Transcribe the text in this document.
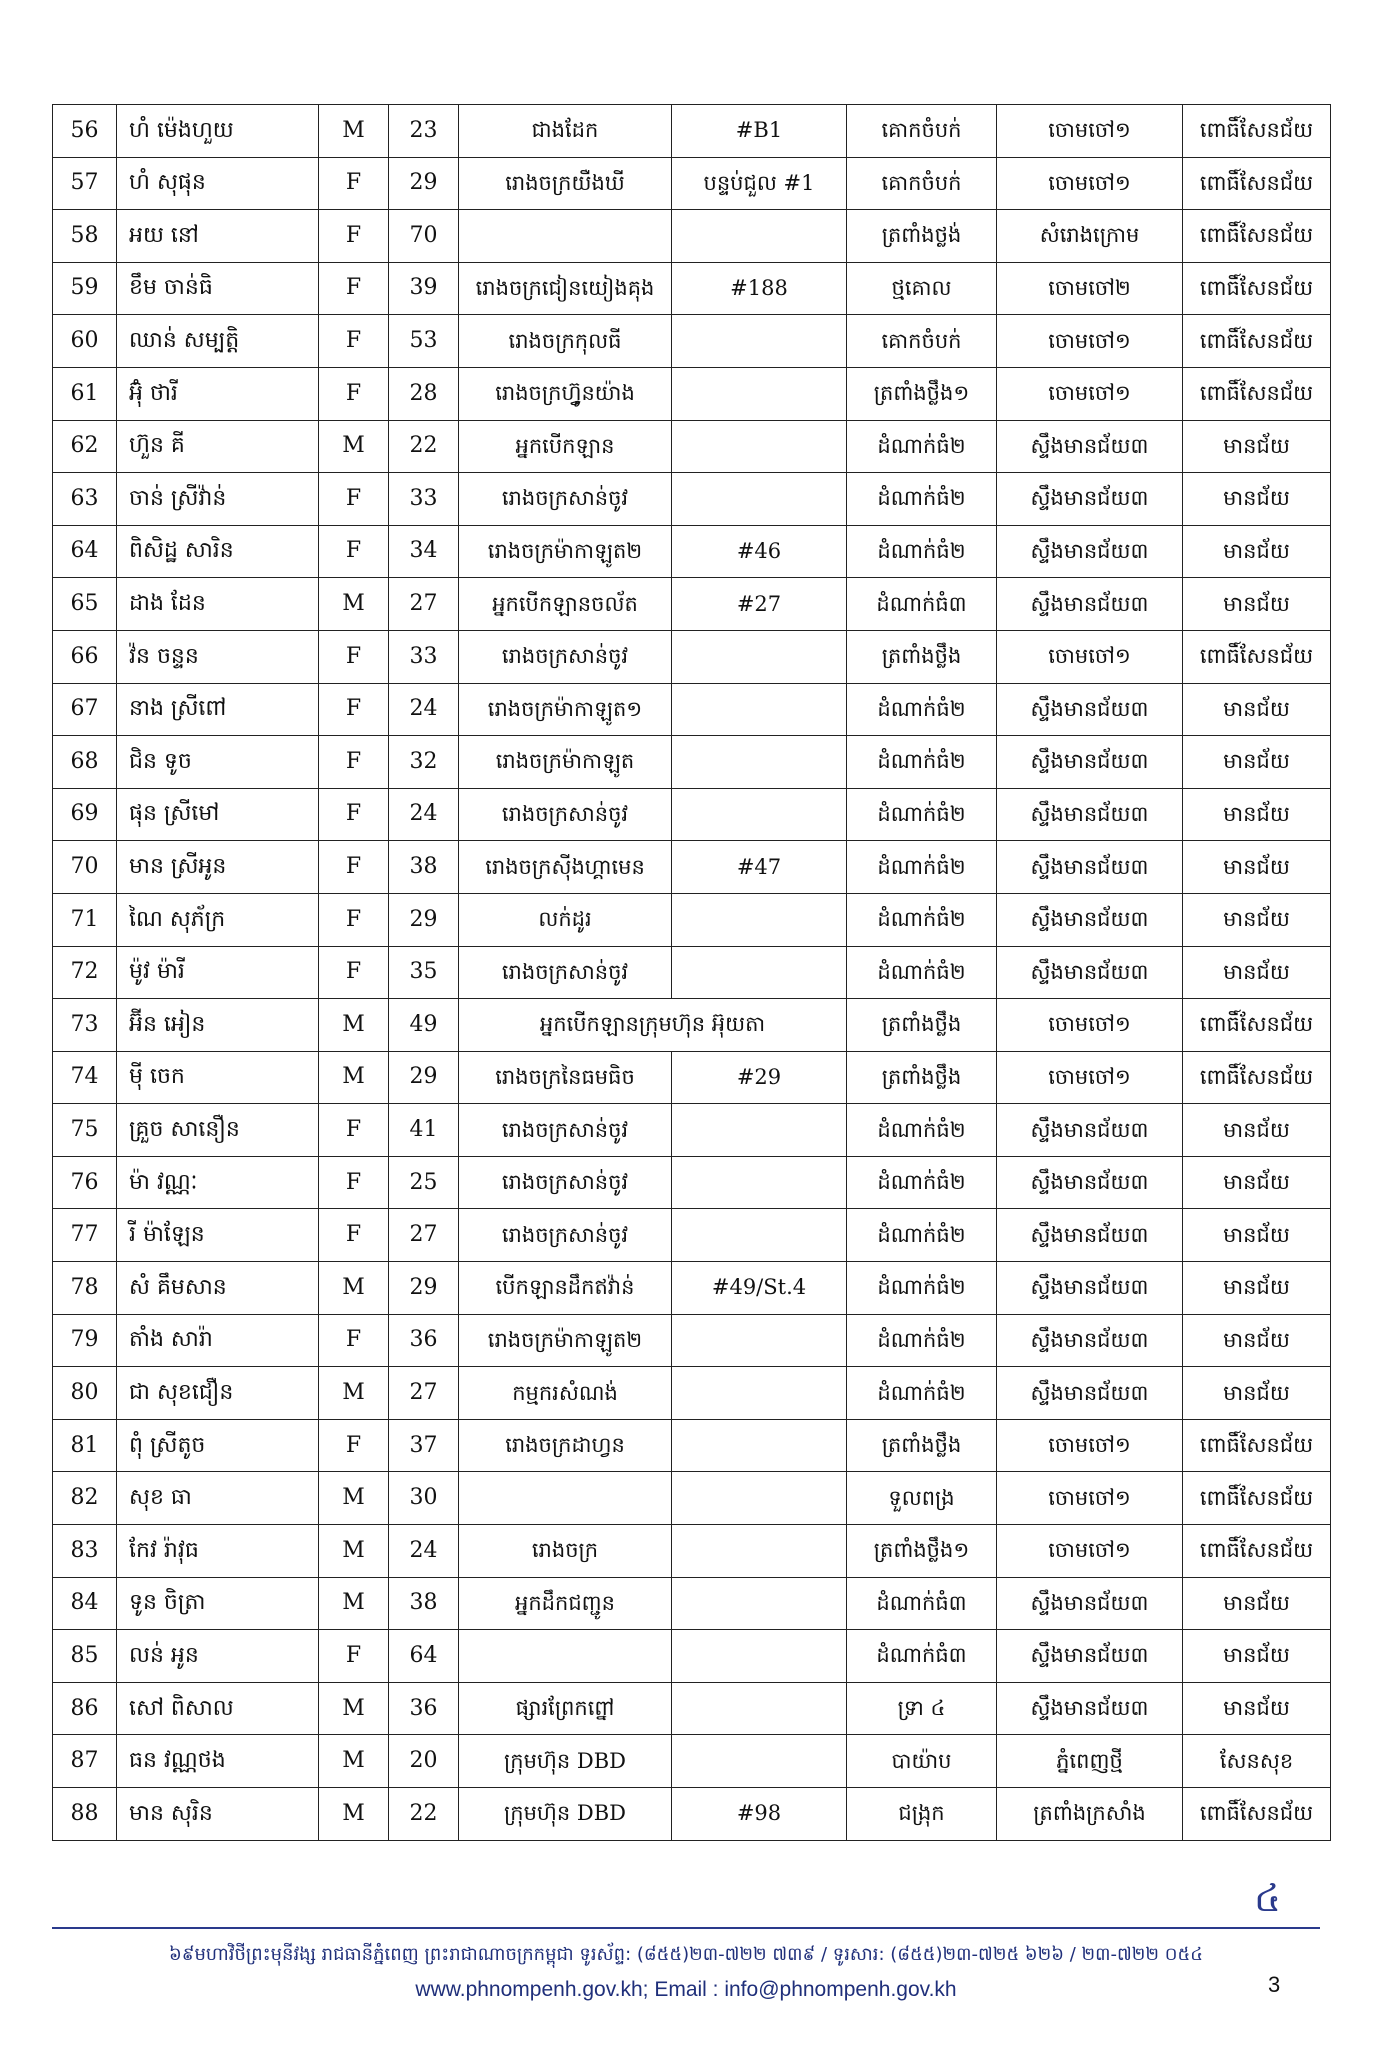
56	ហំ ម៉េងហួយ	M	23	ជាងដែក	#B1	គោកចំបក់	ចោមចៅ១	ពោធិ៍សែនជ័យ
57	ហំ សុផុន	F	29	រោងចក្រយឺងឃី	បន្ទប់ជួល #1	គោកចំបក់	ចោមចៅ១	ពោធិ៍សែនជ័យ
58	អយ នៅ	F	70			ត្រពាំងថ្លង់	សំរោងក្រោម	ពោធិ៍សែនជ័យ
59	ខឹម ចាន់ធិ	F	39	រោងចក្រជៀនយៀងគុង	#188	ថ្មគោល	ចោមចៅ២	ពោធិ៍សែនជ័យ
60	ឈាន់ សម្បត្តិ	F	53	រោងចក្រកុលធី		គោកចំបក់	ចោមចៅ១	ពោធិ៍សែនជ័យ
61	អ៊ុំ ថារី	F	28	រោងចក្រហ្វ៊ូនយ៉ាង		ត្រពាំងថ្លឹង១	ចោមចៅ១	ពោធិ៍សែនជ័យ
62	ហ៊ួន គី	M	22	អ្នកបើកឡាន		ដំណាក់ធំ២	ស្ទឹងមានជ័យ៣	មានជ័យ
63	ចាន់ ស្រីវ៉ាន់	F	33	រោងចក្រសាន់ចូវ		ដំណាក់ធំ២	ស្ទឹងមានជ័យ៣	មានជ័យ
64	ពិសិដ្ឋ សារិន	F	34	រោងចក្រម៉ាកាឡូត២	#46	ដំណាក់ធំ២	ស្ទឹងមានជ័យ៣	មានជ័យ
65	ដាង ដែន	M	27	អ្នកបើកឡានចល័ត	#27	ដំណាក់ធំ៣	ស្ទឹងមានជ័យ៣	មានជ័យ
66	វ៉ន ចន្ទន	F	33	រោងចក្រសាន់ចូវ		ត្រពាំងថ្លឹង	ចោមចៅ១	ពោធិ៍សែនជ័យ
67	នាង ស្រីពៅ	F	24	រោងចក្រម៉ាកាឡូត១		ដំណាក់ធំ២	ស្ទឹងមានជ័យ៣	មានជ័យ
68	ជិន ទូច	F	32	រោងចក្រម៉ាកាឡូត		ដំណាក់ធំ២	ស្ទឹងមានជ័យ៣	មានជ័យ
69	ផុន ស្រីមៅ	F	24	រោងចក្រសាន់ចូវ		ដំណាក់ធំ២	ស្ទឹងមានជ័យ៣	មានជ័យ
70	មាន ស្រីអូន	F	38	រោងចក្រស៊ីងហ្គាមេន	#47	ដំណាក់ធំ២	ស្ទឹងមានជ័យ៣	មានជ័យ
71	ណៃ សុភ័ក្រ	F	29	លក់ដូរ		ដំណាក់ធំ២	ស្ទឹងមានជ័យ៣	មានជ័យ
72	ម៉ូវ ម៉ារី	F	35	រោងចក្រសាន់ចូវ		ដំណាក់ធំ២	ស្ទឹងមានជ័យ៣	មានជ័យ
73	អ៊ីន អៀន	M	49	អ្នកបើកឡានក្រុមហ៊ុន អ៊ុយតា		ត្រពាំងថ្លឹង	ចោមចៅ១	ពោធិ៍សែនជ័យ
74	ម៉ី ចេក	M	29	រោងចក្រនៃធមធិច	#29	ត្រពាំងថ្លឹង	ចោមចៅ១	ពោធិ៍សែនជ័យ
75	គ្រួច សានឿន	F	41	រោងចក្រសាន់ចូវ		ដំណាក់ធំ២	ស្ទឹងមានជ័យ៣	មានជ័យ
76	ម៉ា វណ្ណៈ	F	25	រោងចក្រសាន់ចូវ		ដំណាក់ធំ២	ស្ទឹងមានជ័យ៣	មានជ័យ
77	រី ម៉ាឡែន	F	27	រោងចក្រសាន់ចូវ		ដំណាក់ធំ២	ស្ទឹងមានជ័យ៣	មានជ័យ
78	សំ គឹមសាន	M	29	បើកឡានដឹកឥវ៉ាន់	#49/St.4	ដំណាក់ធំ២	ស្ទឹងមានជ័យ៣	មានជ័យ
79	តាំង សារ៉ា	F	36	រោងចក្រម៉ាកាឡូត២		ដំណាក់ធំ២	ស្ទឹងមានជ័យ៣	មានជ័យ
80	ជា សុខជឿន	M	27	កម្មករសំណង់		ដំណាក់ធំ២	ស្ទឹងមានជ័យ៣	មានជ័យ
81	ពុំ ស្រីតូច	F	37	រោងចក្រដាហ្វន		ត្រពាំងថ្លឹង	ចោមចៅ១	ពោធិ៍សែនជ័យ
82	សុខ ធា	M	30			ទួលពង្រ	ចោមចៅ១	ពោធិ៍សែនជ័យ
83	កែវ រ៉ាវុធ	M	24	រោងចក្រ		ត្រពាំងថ្លឹង១	ចោមចៅ១	ពោធិ៍សែនជ័យ
84	ទូន ចិត្រា	M	38	អ្នកដឹកជញ្ជូន		ដំណាក់ធំ៣	ស្ទឹងមានជ័យ៣	មានជ័យ
85	លន់ អូន	F	64			ដំណាក់ធំ៣	ស្ទឹងមានជ័យ៣	មានជ័យ
86	សៅ ពិសាល	M	36	ផ្សារព្រែកព្នៅ		ទ្រា ៤	ស្ទឹងមានជ័យ៣	មានជ័យ
87	ធន វណ្ណថង	M	20	ក្រុមហ៊ុន DBD		បាយ៉ាប	ភ្នំពេញថ្មី	សែនសុខ
88	មាន សុរិន	M	22	ក្រុមហ៊ុន DBD	#98	ជង្រុក	ត្រពាំងក្រសាំង	ពោធិ៍សែនជ័យ
៤
៦៩មហាវិថីព្រះមុនីវង្ស រាជធានីភ្នំពេញ ព្រះរាជាណាចក្រកម្ពុជា ទូរស័ព្ទ: (៨៥៥)២៣-៧២២ ៧៣៩ / ទូរសារ: (៨៥៥)២៣-៧២៥ ៦២៦ / ២៣-៧២២ ០៥៤
www.phnompenh.gov.kh; Email : info@phnompenh.gov.kh	3
